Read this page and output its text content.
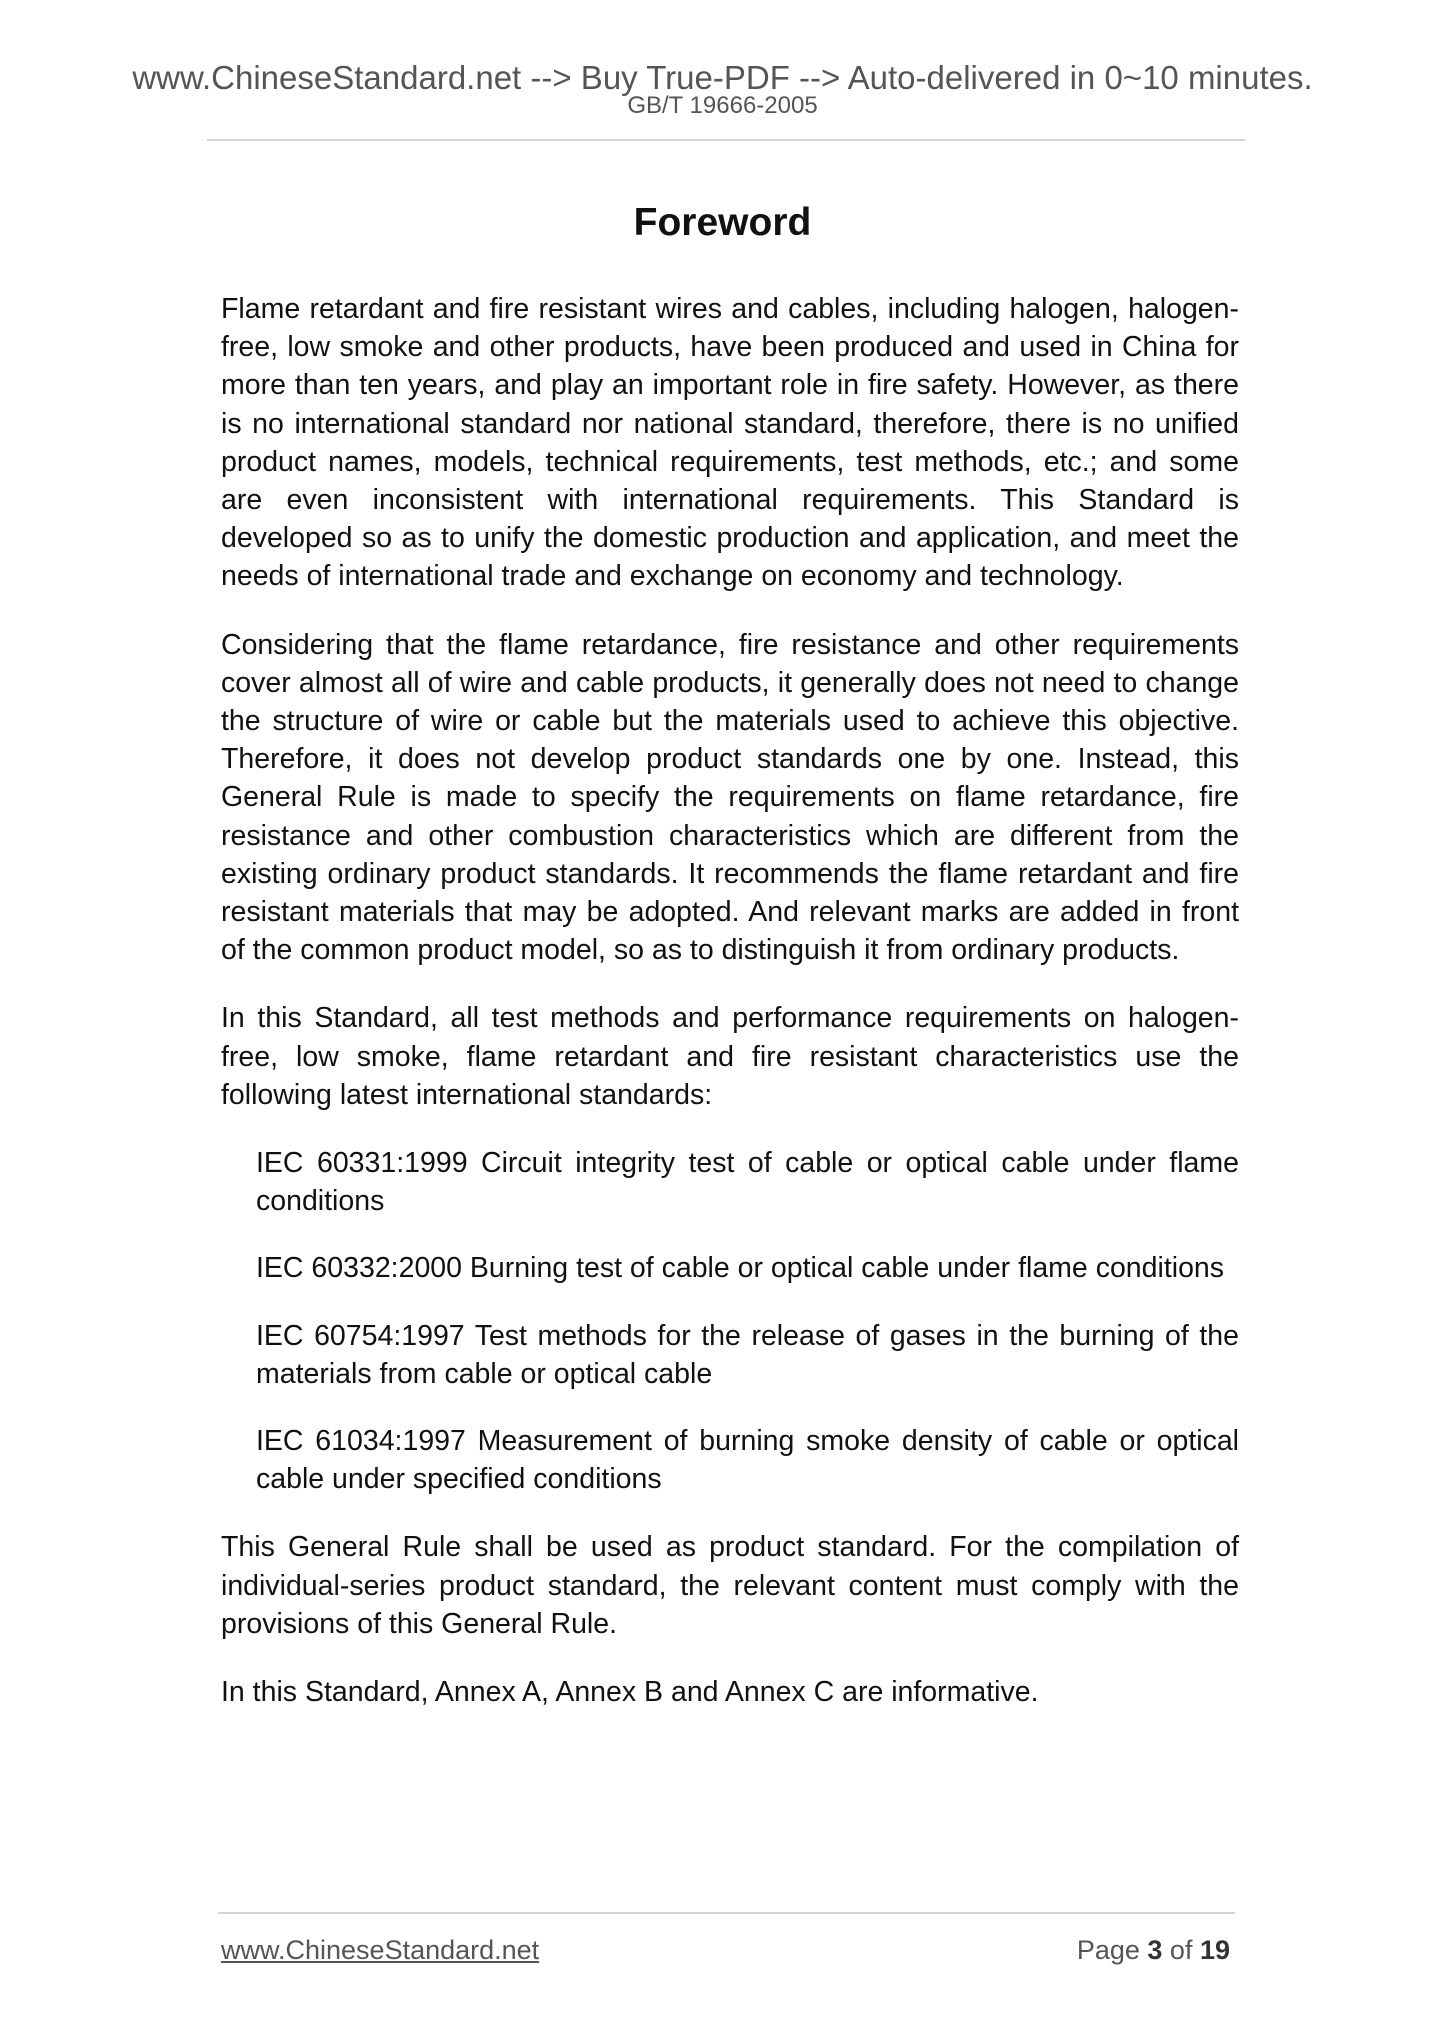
www.ChineseStandard.net --> Buy True-PDF --> Auto-delivered in 0~10 minutes.
GB/T 19666-2005
Foreword

Flame retardant and fire resistant wires and cables, including halogen, halogen-free, low smoke and other products, have been produced and used in China for more than ten years, and play an important role in fire safety. However, as there is no international standard nor national standard, therefore, there is no unified product names, models, technical requirements, test methods, etc.; and some are even inconsistent with international requirements. This Standard is developed so as to unify the domestic production and application, and meet the needs of international trade and exchange on economy and technology.

Considering that the flame retardance, fire resistance and other requirements cover almost all of wire and cable products, it generally does not need to change the structure of wire or cable but the materials used to achieve this objective. Therefore, it does not develop product standards one by one. Instead, this General Rule is made to specify the requirements on flame retardance, fire resistance and other combustion characteristics which are different from the existing ordinary product standards. It recommends the flame retardant and fire resistant materials that may be adopted. And relevant marks are added in front of the common product model, so as to distinguish it from ordinary products.

In this Standard, all test methods and performance requirements on halogen-free, low smoke, flame retardant and fire resistant characteristics use the following latest international standards:

IEC 60331:1999 Circuit integrity test of cable or optical cable under flame conditions
IEC 60332:2000 Burning test of cable or optical cable under flame conditions
IEC 60754:1997 Test methods for the release of gases in the burning of the materials from cable or optical cable
IEC 61034:1997 Measurement of burning smoke density of cable or optical cable under specified conditions

This General Rule shall be used as product standard. For the compilation of individual-series product standard, the relevant content must comply with the provisions of this General Rule.

In this Standard, Annex A, Annex B and Annex C are informative.

www.ChineseStandard.net	Page 3 of 19
